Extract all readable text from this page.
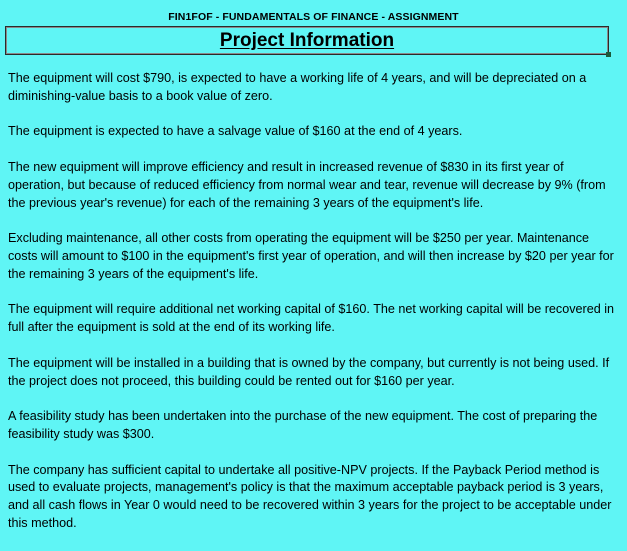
FIN1FOF - FUNDAMENTALS OF FINANCE - ASSIGNMENT
Project Information

The equipment will cost $790, is expected to have a working life of 4 years, and will be depreciated on a diminishing-value basis to a book value of zero.

The equipment is expected to have a salvage value of $160 at the end of 4 years.

The new equipment will improve efficiency and result in increased revenue of $830 in its first year of operation, but because of reduced efficiency from normal wear and tear, revenue will decrease by 9% (from the previous year's revenue) for each of the remaining 3 years of the equipment's life.

Excluding maintenance, all other costs from operating the equipment will be $250 per year. Maintenance costs will amount to $100 in the equipment's first year of operation, and will then increase by $20 per year for the remaining 3 years of the equipment's life.

The equipment will require additional net working capital of $160. The net working capital will be recovered in full after the equipment is sold at the end of its working life.

The equipment will be installed in a building that is owned by the company, but currently is not being used. If the project does not proceed, this building could be rented out for $160 per year.

A feasibility study has been undertaken into the purchase of the new equipment. The cost of preparing the feasibility study was $300.

The company has sufficient capital to undertake all positive-NPV projects. If the Payback Period method is used to evaluate projects, management's policy is that the maximum acceptable payback period is 3 years, and all cash flows in Year 0 would need to be recovered within 3 years for the project to be acceptable under this method.
